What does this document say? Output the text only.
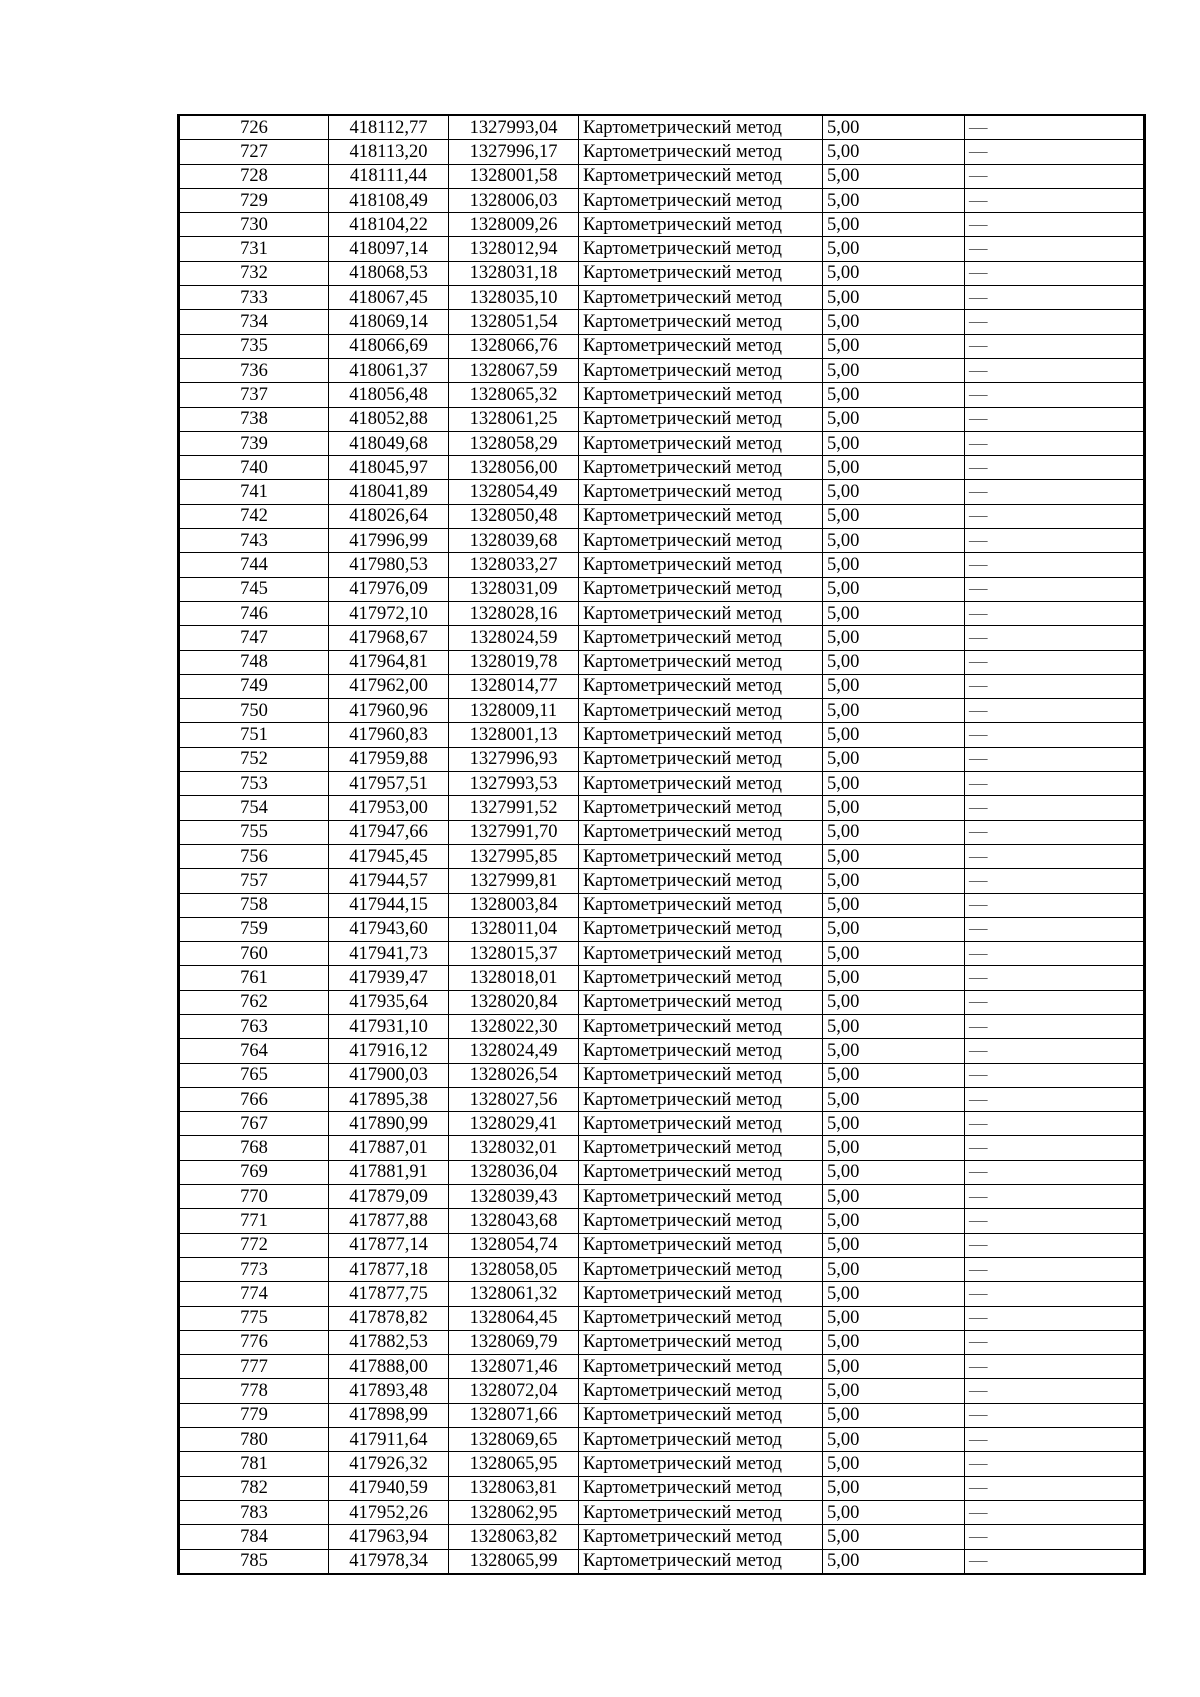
726	418112,77	1327993,04	Картометрический метод	5,00	—
727	418113,20	1327996,17	Картометрический метод	5,00	—
728	418111,44	1328001,58	Картометрический метод	5,00	—
729	418108,49	1328006,03	Картометрический метод	5,00	—
730	418104,22	1328009,26	Картометрический метод	5,00	—
731	418097,14	1328012,94	Картометрический метод	5,00	—
732	418068,53	1328031,18	Картометрический метод	5,00	—
733	418067,45	1328035,10	Картометрический метод	5,00	—
734	418069,14	1328051,54	Картометрический метод	5,00	—
735	418066,69	1328066,76	Картометрический метод	5,00	—
736	418061,37	1328067,59	Картометрический метод	5,00	—
737	418056,48	1328065,32	Картометрический метод	5,00	—
738	418052,88	1328061,25	Картометрический метод	5,00	—
739	418049,68	1328058,29	Картометрический метод	5,00	—
740	418045,97	1328056,00	Картометрический метод	5,00	—
741	418041,89	1328054,49	Картометрический метод	5,00	—
742	418026,64	1328050,48	Картометрический метод	5,00	—
743	417996,99	1328039,68	Картометрический метод	5,00	—
744	417980,53	1328033,27	Картометрический метод	5,00	—
745	417976,09	1328031,09	Картометрический метод	5,00	—
746	417972,10	1328028,16	Картометрический метод	5,00	—
747	417968,67	1328024,59	Картометрический метод	5,00	—
748	417964,81	1328019,78	Картометрический метод	5,00	—
749	417962,00	1328014,77	Картометрический метод	5,00	—
750	417960,96	1328009,11	Картометрический метод	5,00	—
751	417960,83	1328001,13	Картометрический метод	5,00	—
752	417959,88	1327996,93	Картометрический метод	5,00	—
753	417957,51	1327993,53	Картометрический метод	5,00	—
754	417953,00	1327991,52	Картометрический метод	5,00	—
755	417947,66	1327991,70	Картометрический метод	5,00	—
756	417945,45	1327995,85	Картометрический метод	5,00	—
757	417944,57	1327999,81	Картометрический метод	5,00	—
758	417944,15	1328003,84	Картометрический метод	5,00	—
759	417943,60	1328011,04	Картометрический метод	5,00	—
760	417941,73	1328015,37	Картометрический метод	5,00	—
761	417939,47	1328018,01	Картометрический метод	5,00	—
762	417935,64	1328020,84	Картометрический метод	5,00	—
763	417931,10	1328022,30	Картометрический метод	5,00	—
764	417916,12	1328024,49	Картометрический метод	5,00	—
765	417900,03	1328026,54	Картометрический метод	5,00	—
766	417895,38	1328027,56	Картометрический метод	5,00	—
767	417890,99	1328029,41	Картометрический метод	5,00	—
768	417887,01	1328032,01	Картометрический метод	5,00	—
769	417881,91	1328036,04	Картометрический метод	5,00	—
770	417879,09	1328039,43	Картометрический метод	5,00	—
771	417877,88	1328043,68	Картометрический метод	5,00	—
772	417877,14	1328054,74	Картометрический метод	5,00	—
773	417877,18	1328058,05	Картометрический метод	5,00	—
774	417877,75	1328061,32	Картометрический метод	5,00	—
775	417878,82	1328064,45	Картометрический метод	5,00	—
776	417882,53	1328069,79	Картометрический метод	5,00	—
777	417888,00	1328071,46	Картометрический метод	5,00	—
778	417893,48	1328072,04	Картометрический метод	5,00	—
779	417898,99	1328071,66	Картометрический метод	5,00	—
780	417911,64	1328069,65	Картометрический метод	5,00	—
781	417926,32	1328065,95	Картометрический метод	5,00	—
782	417940,59	1328063,81	Картометрический метод	5,00	—
783	417952,26	1328062,95	Картометрический метод	5,00	—
784	417963,94	1328063,82	Картометрический метод	5,00	—
785	417978,34	1328065,99	Картометрический метод	5,00	—
